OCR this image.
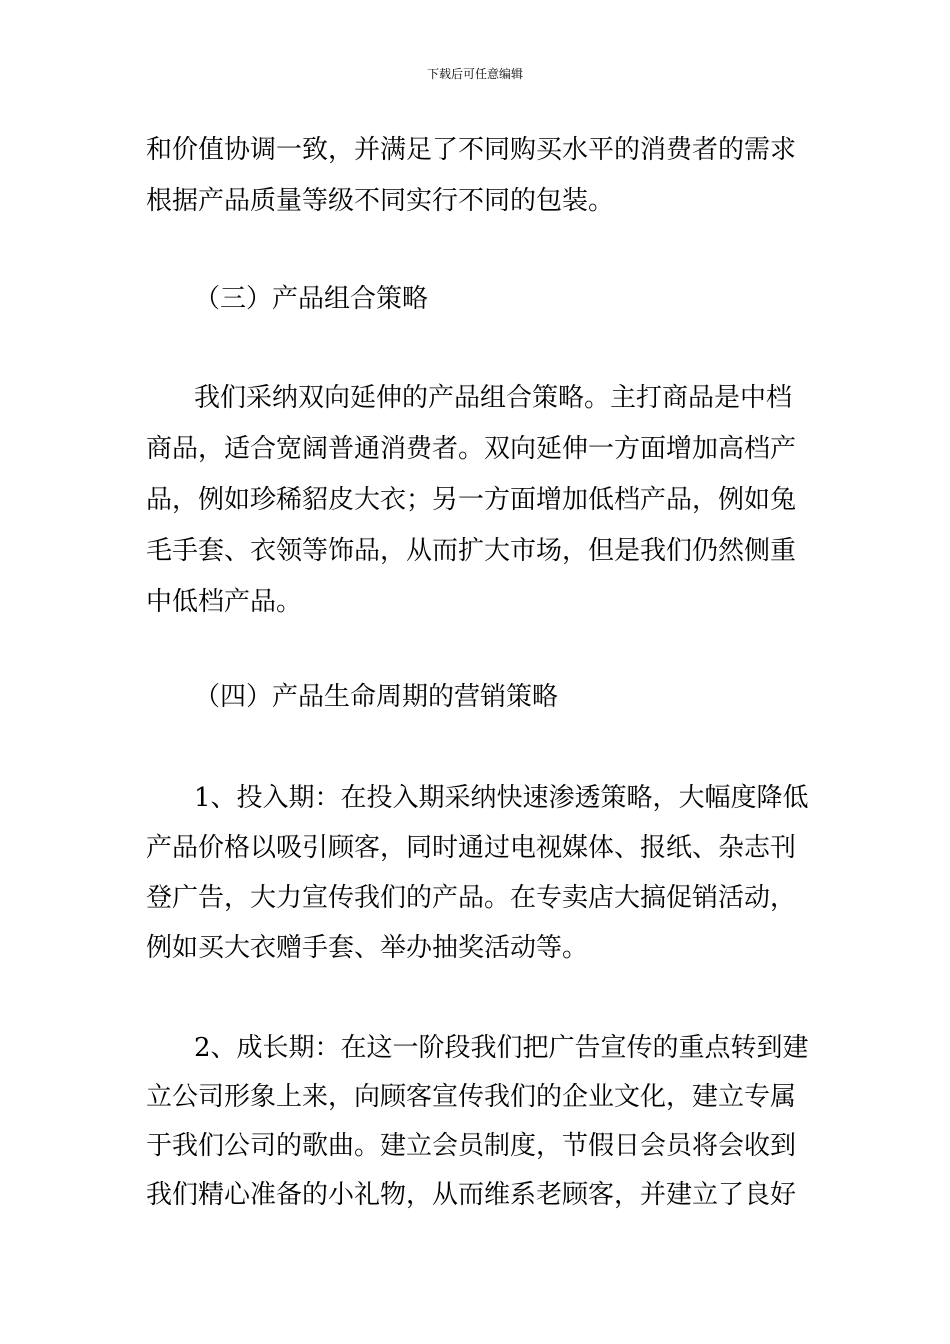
下载后可任意编辑
和价值协调一致，并满足了不同购买水平的消费者的需求
根据产品质量等级不同实行不同的包装。
（三）产品组合策略
我们采纳双向延伸的产品组合策略。主打商品是中档
商品，适合宽阔普通消费者。双向延伸一方面增加高档产
品，例如珍稀貂皮大衣；另一方面增加低档产品，例如兔
毛手套、衣领等饰品，从而扩大市场，但是我们仍然侧重
中低档产品。
（四）产品生命周期的营销策略
1、投入期：在投入期采纳快速渗透策略，大幅度降低
产品价格以吸引顾客，同时通过电视媒体、报纸、杂志刊
登广告，大力宣传我们的产品。在专卖店大搞促销活动，
例如买大衣赠手套、举办抽奖活动等。
2、成长期：在这一阶段我们把广告宣传的重点转到建
立公司形象上来，向顾客宣传我们的企业文化，建立专属
于我们公司的歌曲。建立会员制度，节假日会员将会收到
我们精心准备的小礼物，从而维系老顾客，并建立了良好
